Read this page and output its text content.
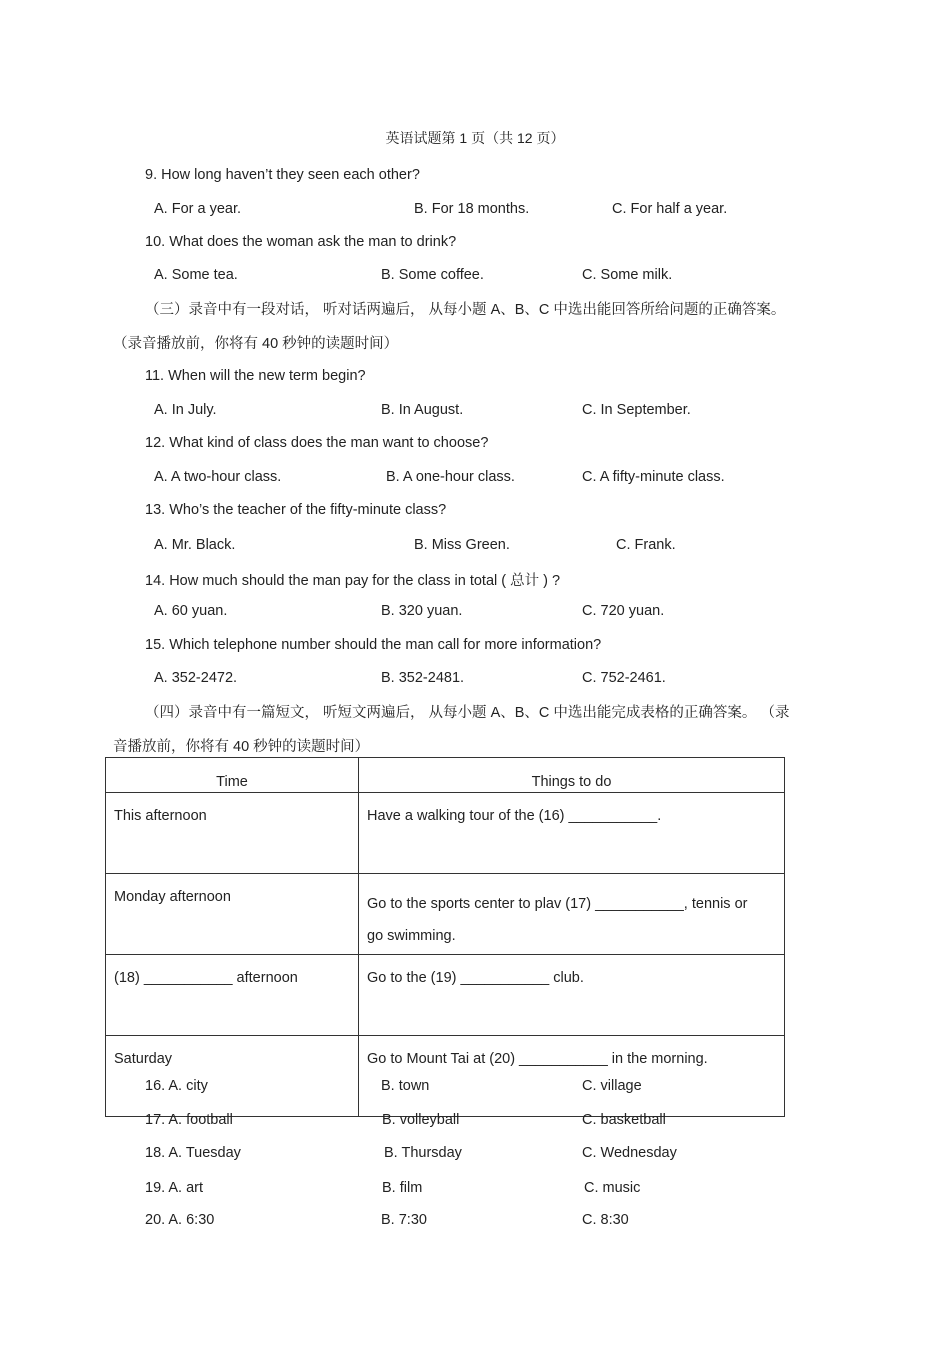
英语试题第 1 页（共 12 页）
9. How long haven’t they seen each other?
A. For a year.	B. For 18 months.	C. For half a year.
10. What does the woman ask the man to drink?
A. Some tea.	B. Some coffee.	C. Some milk.
（三）录音中有一段对话， 听对话两遍后， 从每小题 A、B、C 中选出能回答所给问题的正确答案。
（录音播放前，你将有 40 秒钟的读题时间）
11. When will the new term begin?
A. In July.	B. In August.	C. In September.
12. What kind of class does the man want to choose?
A. A two-hour class.	B. A one-hour class.	C. A fifty-minute class.
13. Who’s the teacher of the fifty-minute class?
A. Mr. Black.	B. Miss Green.	C. Frank.
14. How much should the man pay for the class in total ( 总计 ) ?
A. 60 yuan.	B. 320 yuan.	C. 720 yuan.
15. Which telephone number should the man call for more information?
A. 352-2472.	B. 352-2481.	C. 752-2461.
（四）录音中有一篇短文， 听短文两遍后， 从每小题 A、B、C 中选出能完成表格的正确答案。 （录
音播放前，你将有 40 秒钟的读题时间）
Time	Things to do

This afternoon	Have a walking tour of the (16) ___________.

Monday afternoon	Go to the sports center to plav (17) ___________, tennis or
go swimming.

(18) ___________ afternoon	Go to the (19) ___________ club.

Saturday	Go to Mount Tai at (20) ___________ in the morning.
16. A. city	B. town	C. village
17. A. football	B. volleyball	C. basketball
18. A. Tuesday	B. Thursday	C. Wednesday
19. A. art	B. film	C. music
20. A. 6:30	B. 7:30	C. 8:30
